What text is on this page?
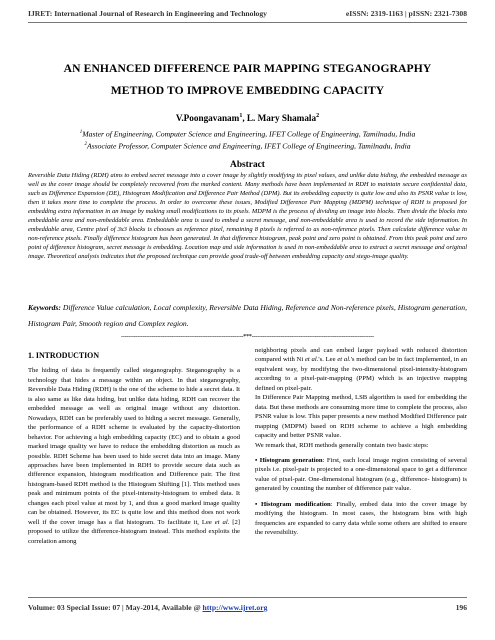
IJRET: International Journal of Research in Engineering and Technology	eISSN: 2319-1163 | pISSN: 2321-7308
AN ENHANCED DIFFERENCE PAIR MAPPING STEGANOGRAPHY
METHOD TO IMPROVE EMBEDDING CAPACITY
V.Poongavanam$^1$, L. Mary Shamala$^2$
$^1$Master of Engineering, Computer Science and Engineering, IFET College of Engineering, Tamilnadu, India
$^2$Associate Professor, Computer Science and Engineering, IFET College of Engineering, Tamilnadu, India
Abstract
Reversible Data Hiding (RDH) aims to embed secret message into a cover image by slightly modifying its pixel values, and unlike data hiding, the embedded message as well as the cover image should be completely recovered from the marked content. Many methods have been implemented in RDH to maintain secure confidential data, such as Difference Expansion (DE), Histogram Modification and Difference Pair Method (DPM). But its embedding capacity is quite low and also its PSNR value is low, then it takes more time to complete the process. In order to overcome these issues, Modified Difference Pair Mapping (MDPM) technique of RDH is proposed for embedding extra information in an image by making small modifications to its pixels. MDPM is the process of dividing an image into blocks. Then divide the blocks into embeddable area and non-embeddable area. Embeddable area is used to embed a secret message, and non-embeddable area is used to record the side information. In embeddable area, Centre pixel of 3x3 blocks is chooses as reference pixel, remaining 8 pixels is referred to as non-reference pixels. Then calculate difference value in non-reference pixels. Finally difference histogram has been generated. In that difference histogram, peak point and zero point is obtained. From this peak point and zero point of difference histogram, secret message is embedding. Location map and side information is used in non-embeddable area to extract a secret message and original image. Theoretical analysis indicates that the proposed technique can provide good trade-off between embedding capacity and stego-image quality.
Keywords: Difference Value calculation, Local complexity, Reversible Data Hiding, Reference and Non-reference pixels, Histogram generation, Histogram Pair, Smooth region and Complex region.
--------------------------------------------------------------------***--------------------------------------------------------------------
1. INTRODUCTION

The hiding of data is frequently called steganography. Steganography is a technology that hides a message within an object. In that steganography, Reversible Data Hiding (RDH) is the one of the scheme to hide a secret data. It is also same as like data hiding, but unlike data hiding, RDH can recover the embedded message as well as original image without any distortion. Nowadays, RDH can be preferably used to hiding a secret message. Generally, the performance of a RDH scheme is evaluated by the capacity-distortion behavior. For achieving a high embedding capacity (EC) and to obtain a good marked image quality we have to reduce the embedding distortion as much as possible. RDH Scheme has been used to hide secret data into an image. Many approaches have been implemented in RDH to provide secure data such as difference expansion, histogram modification and Difference pair. The first histogram-based RDH method is the Histogram Shifting [1]. This method uses peak and minimum points of the pixel-intensity-histogram to embed data. It changes each pixel value at most by 1, and thus a good marked image quality can be obtained. However, its EC is quite low and this method does not work well if the cover image has a flat histogram. To facilitate it, Lee et al. [2] proposed to utilize the difference-histogram instead. This method exploits the correlation among

neighboring pixels and can embed larger payload with reduced distortion compared with Ni et al.'s. Lee et al.'s method can be in fact implemented, in an equivalent way, by modifying the two-dimensional pixel-intensity-histogram according to a pixel-pair-mapping (PPM) which is an injective mapping defined on pixel-pair.

In Difference Pair Mapping method, LSB algorithm is used for embedding the data. But these methods are consuming more time to complete the process, also PSNR value is low. This paper presents a new method Modified Difference pair mapping (MDPM) based on RDH scheme to achieve a high embedding capacity and better PSNR value.

We remark that, RDH methods generally contain two basic steps:

• Histogram generation: First, each local image region consisting of several pixels i.e. pixel-pair is projected to a one-dimensional space to get a difference value of pixel-pair. One-dimensional histogram (e.g., difference- histogram) is generated by counting the number of difference pair value.

• Histogram modification: Finally, embed data into the cover image by modifying the histogram. In most cases, the histogram bins with high frequencies are expanded to carry data while some others are shifted to ensure the reversibility.

Volume: 03 Special Issue: 07 | May-2014, Available @ http://www.ijret.org	196
